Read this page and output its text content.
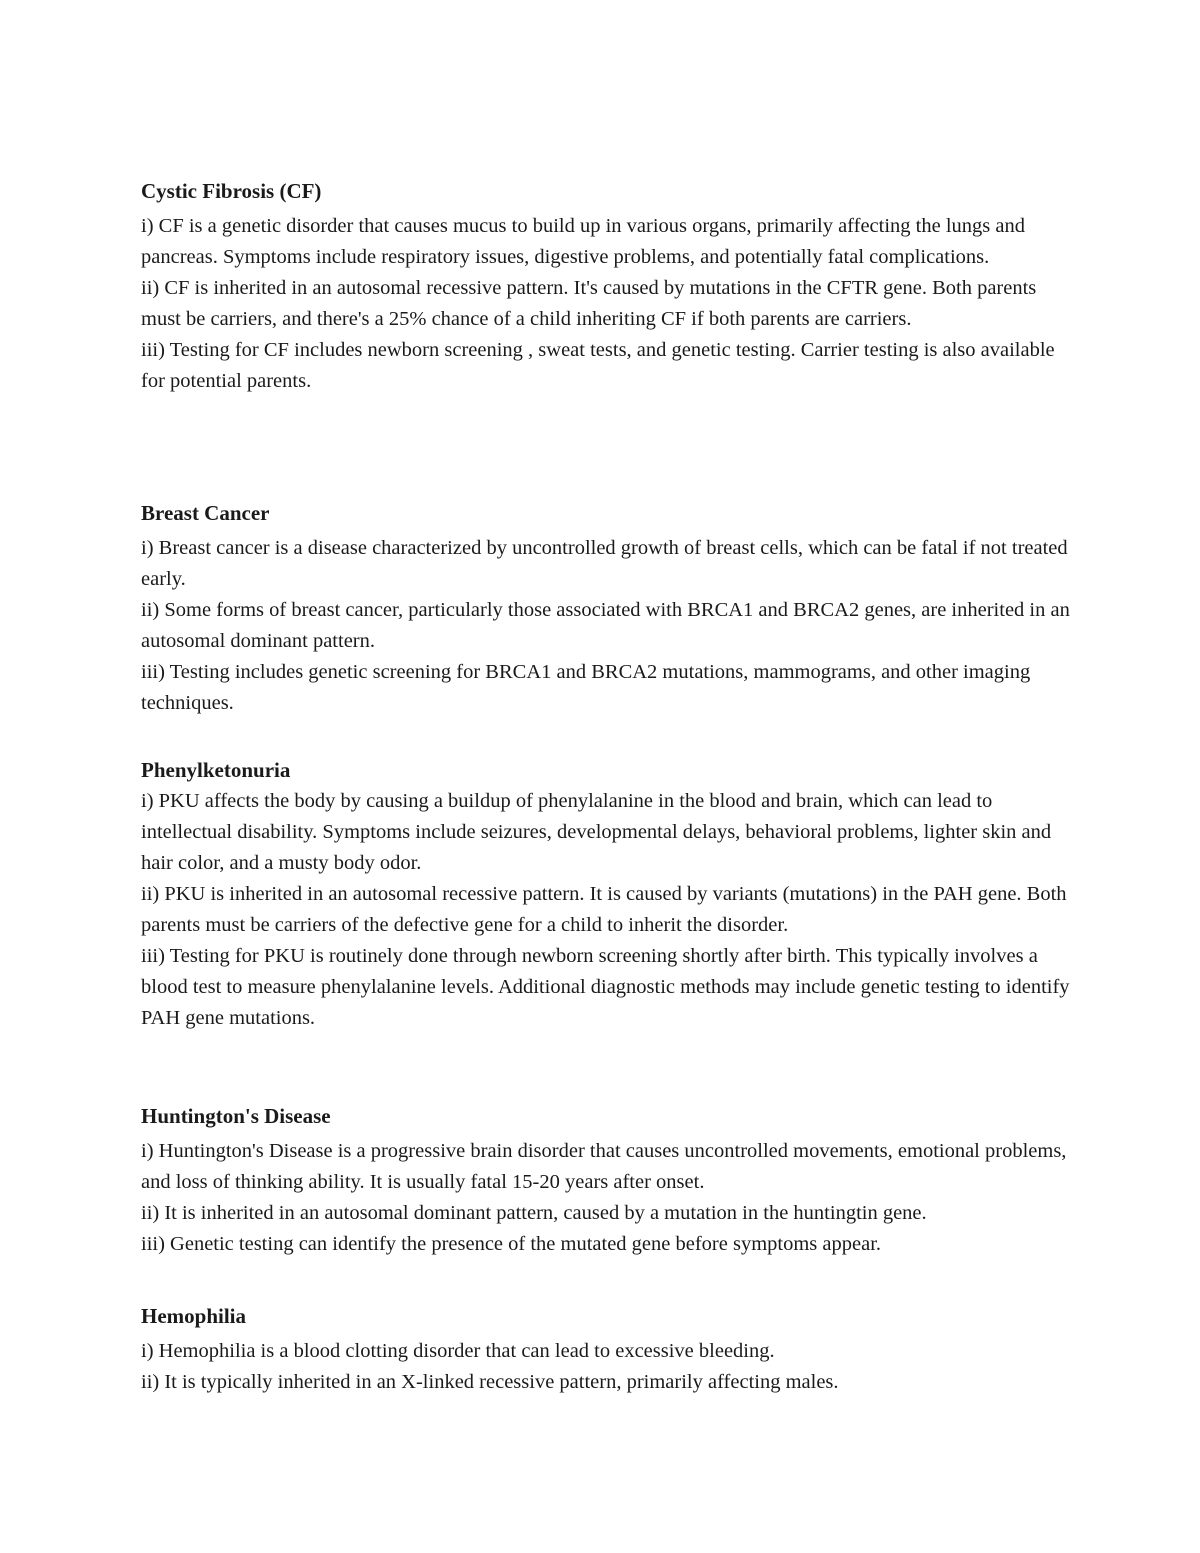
Cystic Fibrosis (CF)

i) CF is a genetic disorder that causes mucus to build up in various organs, primarily affecting the lungs and pancreas. Symptoms include respiratory issues, digestive problems, and potentially fatal complications.

ii) CF is inherited in an autosomal recessive pattern. It's caused by mutations in the CFTR gene. Both parents must be carriers, and there's a 25% chance of a child inheriting CF if both parents are carriers.

iii) Testing for CF includes newborn screening , sweat tests, and genetic testing. Carrier testing is also available for potential parents.

Breast Cancer

i) Breast cancer is a disease characterized by uncontrolled growth of breast cells, which can be fatal if not treated early.

ii) Some forms of breast cancer, particularly those associated with BRCA1 and BRCA2 genes, are inherited in an autosomal dominant pattern.

iii) Testing includes genetic screening for BRCA1 and BRCA2 mutations, mammograms, and other imaging techniques.

Phenylketonuria

i) PKU affects the body by causing a buildup of phenylalanine in the blood and brain, which can lead to intellectual disability. Symptoms include seizures, developmental delays, behavioral problems, lighter skin and hair color, and a musty body odor.

ii) PKU is inherited in an autosomal recessive pattern. It is caused by variants (mutations) in the PAH gene. Both parents must be carriers of the defective gene for a child to inherit the disorder.

iii) Testing for PKU is routinely done through newborn screening shortly after birth. This typically involves a blood test to measure phenylalanine levels. Additional diagnostic methods may include genetic testing to identify PAH gene mutations.

Huntington's Disease

i) Huntington's Disease is a progressive brain disorder that causes uncontrolled movements, emotional problems, and loss of thinking ability. It is usually fatal 15-20 years after onset.

ii) It is inherited in an autosomal dominant pattern, caused by a mutation in the huntingtin gene.

iii) Genetic testing can identify the presence of the mutated gene before symptoms appear.

Hemophilia

i) Hemophilia is a blood clotting disorder that can lead to excessive bleeding.

ii) It is typically inherited in an X-linked recessive pattern, primarily affecting males.
